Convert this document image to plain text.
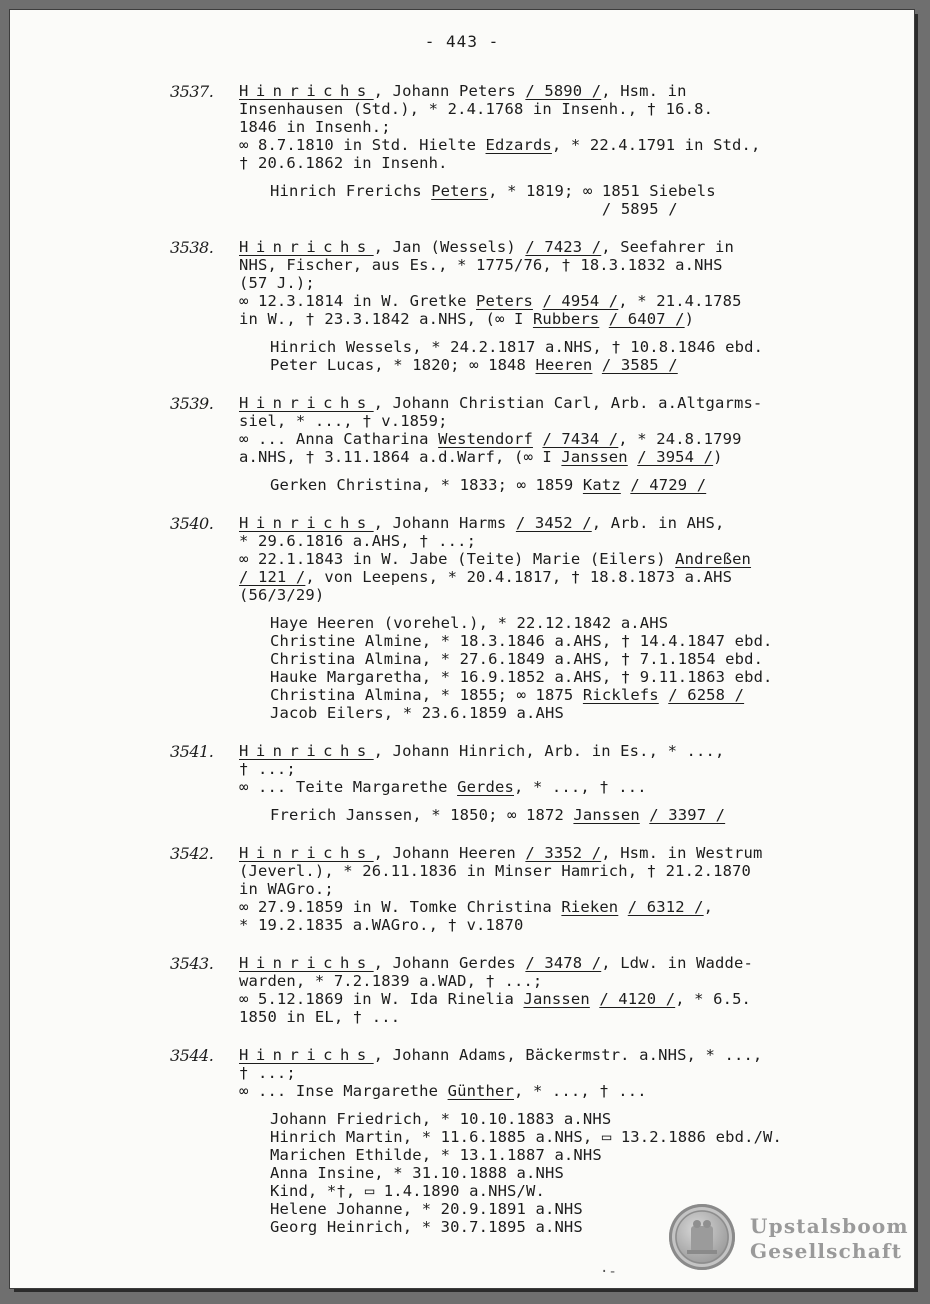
- 443 -
3537. Hinrichs, Johann Peters / 5890 /, Hsm. in
Insenhausen (Std.), * 2.4.1768 in Insenh., † 16.8.
1846 in Insenh.;
∞ 8.7.1810 in Std. Hielte Edzards, * 22.4.1791 in Std.,
† 20.6.1862 in Insenh.
Hinrich Frerichs Peters, * 1819; ∞ 1851 Siebels
/ 5895 /
3538. Hinrichs, Jan (Wessels) / 7423 /, Seefahrer in
NHS, Fischer, aus Es., * 1775/76, † 18.3.1832 a.NHS
(57 J.);
∞ 12.3.1814 in W. Gretke Peters / 4954 /, * 21.4.1785
in W., † 23.3.1842 a.NHS, (∞ I Rubbers / 6407 /)
Hinrich Wessels, * 24.2.1817 a.NHS, † 10.8.1846 ebd.
Peter Lucas, * 1820; ∞ 1848 Heeren / 3585 /
3539. Hinrichs, Johann Christian Carl, Arb. a.Altgarms-
siel, * ..., † v.1859;
∞ ... Anna Catharina Westendorf / 7434 /, * 24.8.1799
a.NHS, † 3.11.1864 a.d.Warf, (∞ I Janssen / 3954 /)
Gerken Christina, * 1833; ∞ 1859 Katz / 4729 /
3540. Hinrichs, Johann Harms / 3452 /, Arb. in AHS,
* 29.6.1816 a.AHS, † ...;
∞ 22.1.1843 in W. Jabe (Teite) Marie (Eilers) Andreßen
/ 121 /, von Leepens, * 20.4.1817, † 18.8.1873 a.AHS
(56/3/29)
Haye Heeren (vorehel.), * 22.12.1842 a.AHS
Christine Almine, * 18.3.1846 a.AHS, † 14.4.1847 ebd.
Christina Almina, * 27.6.1849 a.AHS, † 7.1.1854 ebd.
Hauke Margaretha, * 16.9.1852 a.AHS, † 9.11.1863 ebd.
Christina Almina, * 1855; ∞ 1875 Ricklefs / 6258 /
Jacob Eilers, * 23.6.1859 a.AHS
3541. Hinrichs, Johann Hinrich, Arb. in Es., * ...,
† ...;
∞ ... Teite Margarethe Gerdes, * ..., † ...
Frerich Janssen, * 1850; ∞ 1872 Janssen / 3397 /
3542. Hinrichs, Johann Heeren / 3352 /, Hsm. in Westrum
(Jeverl.), * 26.11.1836 in Minser Hamrich, † 21.2.1870
in WAGro.;
∞ 27.9.1859 in W. Tomke Christina Rieken / 6312 /,
* 19.2.1835 a.WAGro., † v.1870
3543. Hinrichs, Johann Gerdes / 3478 /, Ldw. in Wadde-
warden, * 7.2.1839 a.WAD, † ...;
∞ 5.12.1869 in W. Ida Rinelia Janssen / 4120 /, * 6.5.
1850 in EL, † ...
3544. Hinrichs, Johann Adams, Bäckermstr. a.NHS, * ...,
† ...;
∞ ... Inse Margarethe Günther, * ..., † ...
Johann Friedrich, * 10.10.1883 a.NHS
Hinrich Martin, * 11.6.1885 a.NHS, ▭ 13.2.1886 ebd./W.
Marichen Ethilde, * 13.1.1887 a.NHS
Anna Insine, * 31.10.1888 a.NHS
Kind, *†, ▭ 1.4.1890 a.NHS/W.
Helene Johanne, * 20.9.1891 a.NHS
Georg Heinrich, * 30.7.1895 a.NHS	Upstalsboom
Gesellschaft
·-
